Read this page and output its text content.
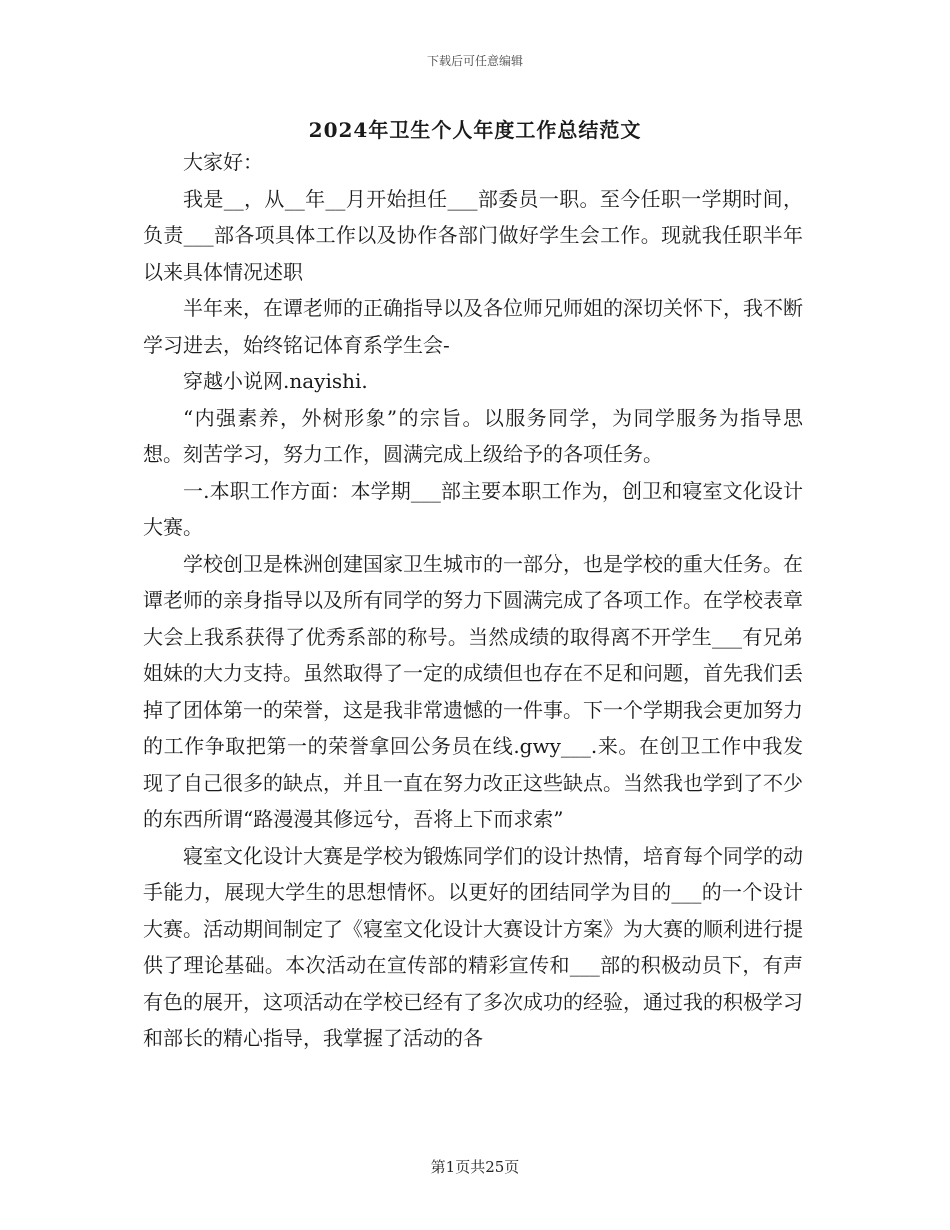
下载后可任意编辑
2024年卫生个人年度工作总结范文

大家好：

我是__，从__年__月开始担任___部委员一职。至今任职一学期时间，负责___部各项具体工作以及协作各部门做好学生会工作。现就我任职半年以来具体情况述职

半年来，在谭老师的正确指导以及各位师兄师姐的深切关怀下，我不断学习进去，始终铭记体育系学生会-

穿越小说网.nayishi.

“内强素养，外树形象”的宗旨。以服务同学，为同学服务为指导思想。刻苦学习，努力工作，圆满完成上级给予的各项任务。

一.本职工作方面：本学期___部主要本职工作为，创卫和寝室文化设计大赛。

学校创卫是株洲创建国家卫生城市的一部分，也是学校的重大任务。在谭老师的亲身指导以及所有同学的努力下圆满完成了各项工作。在学校表章大会上我系获得了优秀系部的称号。当然成绩的取得离不开学生___有兄弟姐妹的大力支持。虽然取得了一定的成绩但也存在不足和问题，首先我们丢掉了团体第一的荣誉，这是我非常遗憾的一件事。下一个学期我会更加努力的工作争取把第一的荣誉拿回公务员在线.gwy___.来。在创卫工作中我发现了自己很多的缺点，并且一直在努力改正这些缺点。当然我也学到了不少的东西所谓“路漫漫其修远兮，吾将上下而求索”

寝室文化设计大赛是学校为锻炼同学们的设计热情，培育每个同学的动手能力，展现大学生的思想情怀。以更好的团结同学为目的___的一个设计大赛。活动期间制定了《寝室文化设计大赛设计方案》为大赛的顺利进行提供了理论基础。本次活动在宣传部的精彩宣传和___部的积极动员下，有声有色的展开，这项活动在学校已经有了多次成功的经验，通过我的积极学习和部长的精心指导，我掌握了活动的各

第1页共25页
